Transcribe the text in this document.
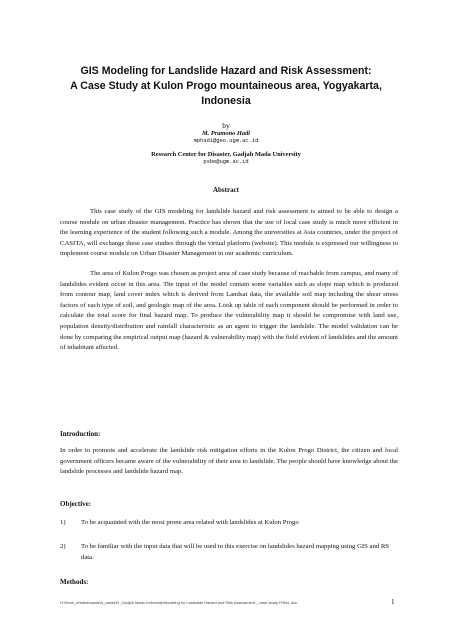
GIS Modeling for Landslide Hazard and Risk Assessment:
A Case Study at Kulon Progo mountaineous area, Yogyakarta,
Indonesia
by
M. Pramono Hadi
mphadi@geo.ugm.ac.id
Research Center for Disaster, Gadjah Mada University
psbe@ugm.ac.id
Abstract

This case study of the GIS modeling for landslide hazard and risk assessment is aimed to be able to design a course module on urban disaster management. Practice has shown that the use of local case study is much more efficient in the learning experience of the student following such a module. Among the universities at Asia countries, under the project of CASITA, will exchange these case studies through the virtual platform (website). This module is expressed our willingness to implement course module on Urban Disaster Management in our academic curriculum.

The area of Kulon Progo was chosen as project area of case study because of reachable from campus, and many of landslides evident occur in this area. The input of the model contain some variables such as slope map which is produced from contour map, land cover index which is derived from Landsat data, the available soil map including the shear stress factors of each type of soil, and geologic map of the area. Look up table of each component should be performed in order to calculate the total score for final hazard map. To produce the vulnerability map it should be compromise with land use, population density/distribution and rainfall characteristic as an agent to trigger the landslide. The model validation can be done by comparing the empirical output map (hazard & vulnerability map) with the field evident of landslides and the amount of inhabitant affected.

Introduction:

In order to promote and accelerate the landslide risk mitigation efforts in the Kulon Progo District, the citizen and local government officers became aware of the vulnerability of their area to landslide. The people should have knowledge about the landslide processes and landslide hazard map.

Objective:
1)	To be acquainted with the most prone area related with landslides at Kulon Progo
2)	To be familiar with the input data that will be used in this exercise on landslides hazard mapping using GIS and RS data.
Methods:
H:\Work_related\casita\A_casita\R_Gadjah Mada University\Modeling for Landslide Hazard and Risk Assessment _ case study FINAL.doc	1
